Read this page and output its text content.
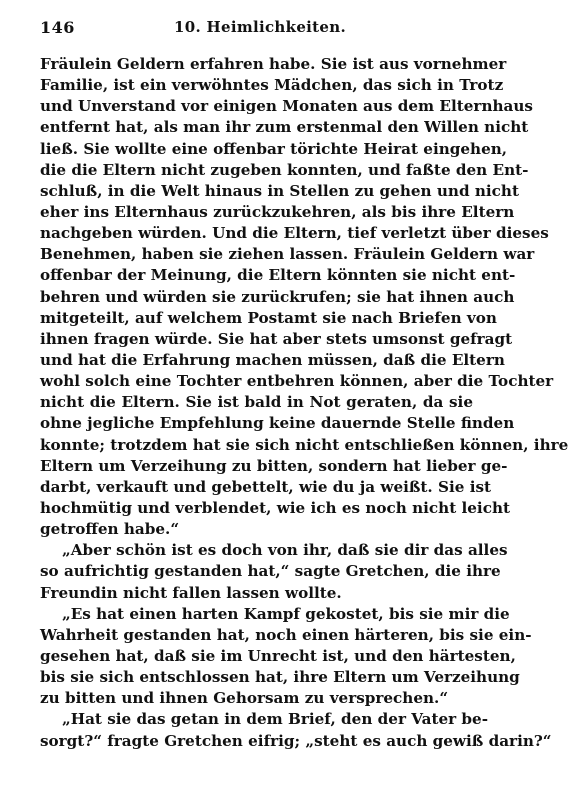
146	10. Heimlichkeiten.
Fräulein Geldern erfahren habe. Sie ist aus vornehmer
Familie, ist ein verwöhntes Mädchen, das sich in Trotz
und Unverstand vor einigen Monaten aus dem Elternhaus
entfernt hat, als man ihr zum erstenmal den Willen nicht
ließ. Sie wollte eine offenbar törichte Heirat eingehen,
die die Eltern nicht zugeben konnten, und faßte den Ent-
schluß, in die Welt hinaus in Stellen zu gehen und nicht
eher ins Elternhaus zurückzukehren, als bis ihre Eltern
nachgeben würden. Und die Eltern, tief verletzt über dieses
Benehmen, haben sie ziehen lassen. Fräulein Geldern war
offenbar der Meinung, die Eltern könnten sie nicht ent-
behren und würden sie zurückrufen; sie hat ihnen auch
mitgeteilt, auf welchem Postamt sie nach Briefen von
ihnen fragen würde. Sie hat aber stets umsonst gefragt
und hat die Erfahrung machen müssen, daß die Eltern
wohl solch eine Tochter entbehren können, aber die Tochter
nicht die Eltern. Sie ist bald in Not geraten, da sie
ohne jegliche Empfehlung keine dauernde Stelle finden
konnte; trotzdem hat sie sich nicht entschließen können, ihre
Eltern um Verzeihung zu bitten, sondern hat lieber ge-
darbt, verkauft und gebettelt, wie du ja weißt. Sie ist
hochmütig und verblendet, wie ich es noch nicht leicht
getroffen habe.“
„Aber schön ist es doch von ihr, daß sie dir das alles
so aufrichtig gestanden hat,“ sagte Gretchen, die ihre
Freundin nicht fallen lassen wollte.
„Es hat einen harten Kampf gekostet, bis sie mir die
Wahrheit gestanden hat, noch einen härteren, bis sie ein-
gesehen hat, daß sie im Unrecht ist, und den härtesten,
bis sie sich entschlossen hat, ihre Eltern um Verzeihung
zu bitten und ihnen Gehorsam zu versprechen.“
„Hat sie das getan in dem Brief, den der Vater be-
sorgt?“ fragte Gretchen eifrig; „steht es auch gewiß darin?“
